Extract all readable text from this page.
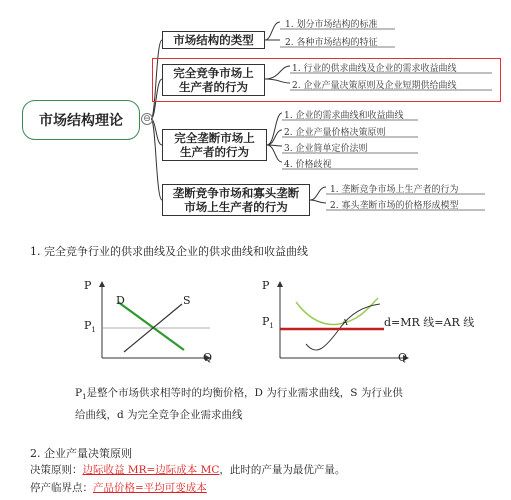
市场结构理论	⊖
市场结构的类型
1. 划分市场结构的标准
2. 各种市场结构的特征
完全竞争市场上
生产者的行为
1. 行业的供求曲线及企业的需求收益曲线
2. 企业产量决策原则及企业短期供给曲线
完全垄断市场上
生产者的行为
1. 企业的需求曲线和收益曲线
2. 企业产量价格决策原则
3. 企业简单定价法则
4. 价格歧视
垄断竞争市场和寡头垄断
市场上生产者的行为
1. 垄断竞争市场上生产者的行为
2. 寡头垄断市场的价格形成模型
1. 完全竞争行业的供求曲线及企业的供求曲线和收益曲线
P
$P_1$
D	S
Q
P
$P_1$	A	d=MR 线=AR 线
Q
$P_1$是整个市场供求相等时的均衡价格，D 为行业需求曲线，S 为行业供
给曲线，d 为完全竞争企业需求曲线
2. 企业产量决策原则
决策原则：边际收益 MR=边际成本 MC，此时的产量为最优产量。
停产临界点：产品价格=平均可变成本
